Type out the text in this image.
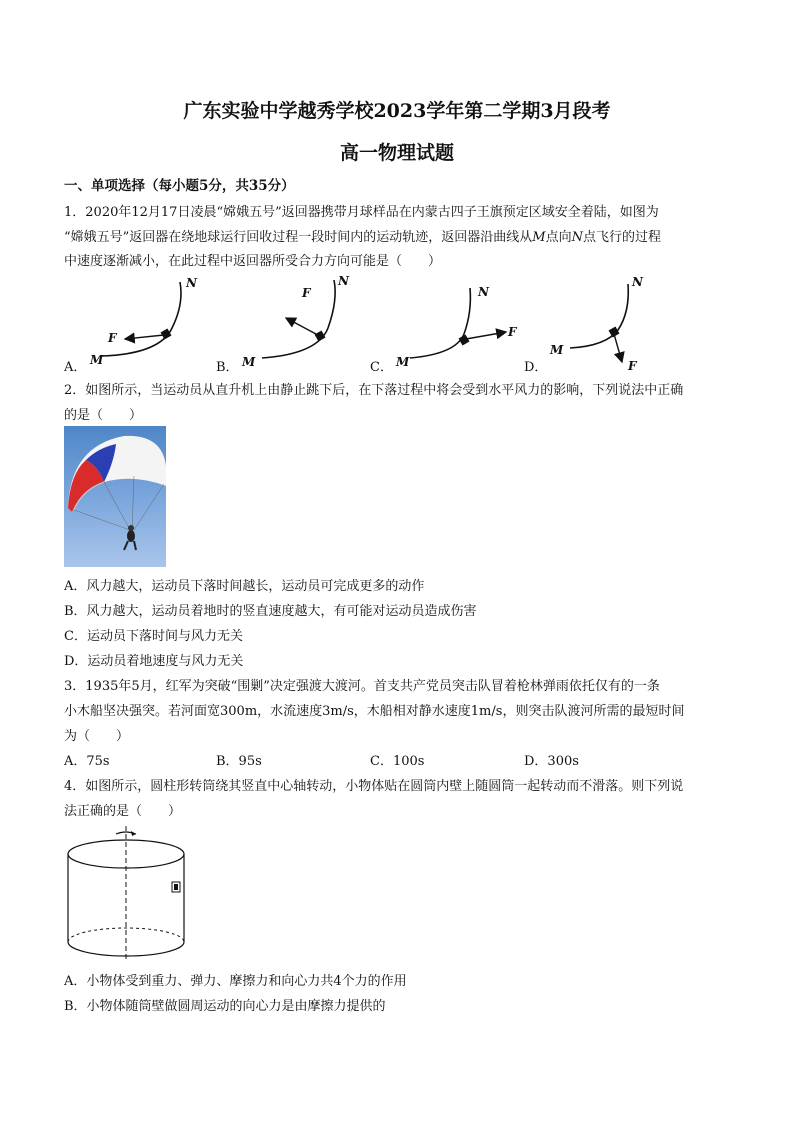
广东实验中学越秀学校2023学年第二学期3月段考
高一物理试题
一、单项选择（每小题5分，共35分）
1．2020年12月17日凌晨“嫦娥五号”返回器携带月球样品在内蒙古四子王旗预定区域安全着陆，如图为
“嫦娥五号”返回器在绕地球运行回收过程一段时间内的运动轨迹，返回器沿曲线从M点向N点飞行的过程
中速度逐渐减小，在此过程中返回器所受合力方向可能是（　　）
A．	B．	C．	D．
N
M
F
N
M
F	N
M
F
N
M
F
2．如图所示，当运动员从直升机上由静止跳下后，在下落过程中将会受到水平风力的影响，下列说法中正确
的是（　　）
A．风力越大，运动员下落时间越长，运动员可完成更多的动作
B．风力越大，运动员着地时的竖直速度越大，有可能对运动员造成伤害
C．运动员下落时间与风力无关
D．运动员着地速度与风力无关
3．1935年5月，红军为突破“围剿”决定强渡大渡河。首支共产党员突击队冒着枪林弹雨依托仅有的一条
小木船坚决强突。若河面宽300m，水流速度3m/s，木船相对静水速度1m/s，则突击队渡河所需的最短时间
为（　　）
A．75s	B．95s	C．100s	D．300s
4．如图所示，圆柱形转筒绕其竖直中心轴转动，小物体贴在圆筒内壁上随圆筒一起转动而不滑落。则下列说
法正确的是（　　）
A．小物体受到重力、弹力、摩擦力和向心力共4个力的作用
B．小物体随筒壁做圆周运动的向心力是由摩擦力提供的
